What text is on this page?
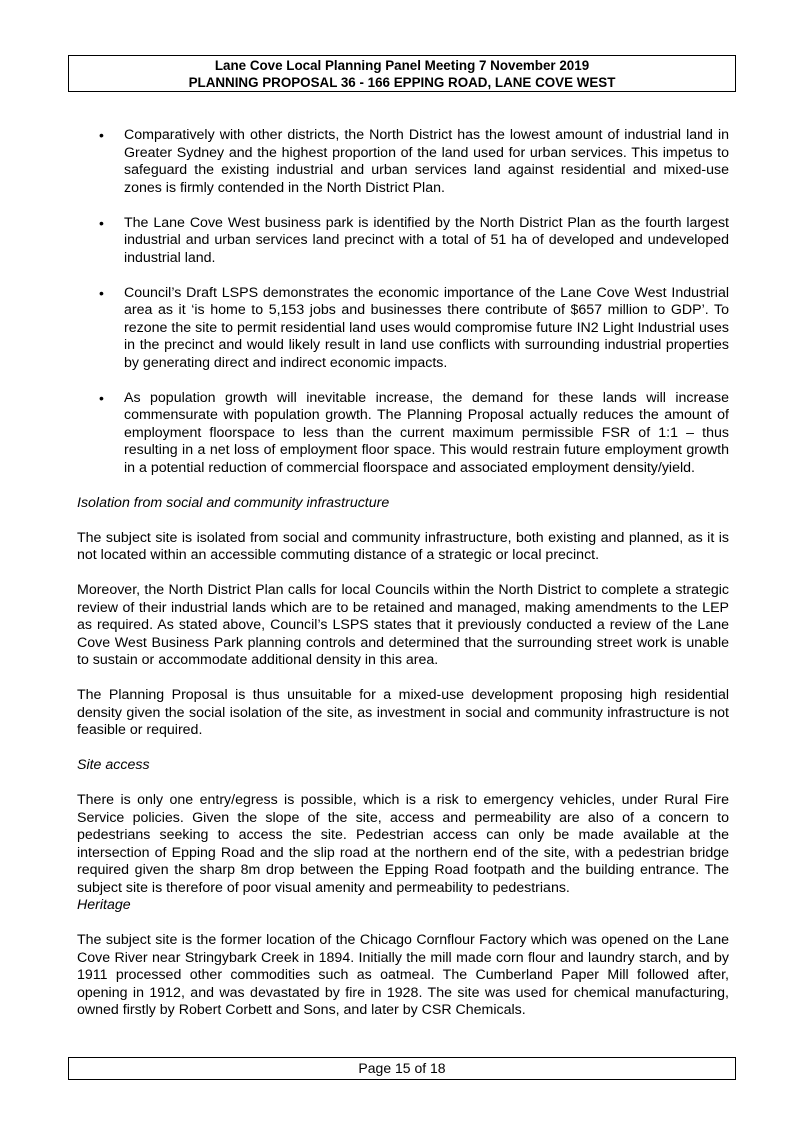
Lane Cove Local Planning Panel Meeting 7 November 2019
PLANNING PROPOSAL 36 - 166 EPPING ROAD, LANE COVE WEST
• Comparatively with other districts, the North District has the lowest amount of industrial land in Greater Sydney and the highest proportion of the land used for urban services. This impetus to safeguard the existing industrial and urban services land against residential and mixed-use zones is firmly contended in the North District Plan.
• The Lane Cove West business park is identified by the North District Plan as the fourth largest industrial and urban services land precinct with a total of 51 ha of developed and undeveloped industrial land.
• Council’s Draft LSPS demonstrates the economic importance of the Lane Cove West Industrial area as it ‘is home to 5,153 jobs and businesses there contribute of $657 million to GDP’. To rezone the site to permit residential land uses would compromise future IN2 Light Industrial uses in the precinct and would likely result in land use conflicts with surrounding industrial properties by generating direct and indirect economic impacts.
• As population growth will inevitable increase, the demand for these lands will increase commensurate with population growth. The Planning Proposal actually reduces the amount of employment floorspace to less than the current maximum permissible FSR of 1:1 – thus resulting in a net loss of employment floor space. This would restrain future employment growth in a potential reduction of commercial floorspace and associated employment density/yield.

Isolation from social and community infrastructure

The subject site is isolated from social and community infrastructure, both existing and planned, as it is not located within an accessible commuting distance of a strategic or local precinct.

Moreover, the North District Plan calls for local Councils within the North District to complete a strategic review of their industrial lands which are to be retained and managed, making amendments to the LEP as required. As stated above, Council’s LSPS states that it previously conducted a review of the Lane Cove West Business Park planning controls and determined that the surrounding street work is unable to sustain or accommodate additional density in this area.

The Planning Proposal is thus unsuitable for a mixed-use development proposing high residential density given the social isolation of the site, as investment in social and community infrastructure is not feasible or required.

Site access

There is only one entry/egress is possible, which is a risk to emergency vehicles, under Rural Fire Service policies. Given the slope of the site, access and permeability are also of a concern to pedestrians seeking to access the site. Pedestrian access can only be made available at the intersection of Epping Road and the slip road at the northern end of the site, with a pedestrian bridge required given the sharp 8m drop between the Epping Road footpath and the building entrance. The subject site is therefore of poor visual amenity and permeability to pedestrians.

Heritage

The subject site is the former location of the Chicago Cornflour Factory which was opened on the Lane Cove River near Stringybark Creek in 1894. Initially the mill made corn flour and laundry starch, and by 1911 processed other commodities such as oatmeal. The Cumberland Paper Mill followed after, opening in 1912, and was devastated by fire in 1928. The site was used for chemical manufacturing, owned firstly by Robert Corbett and Sons, and later by CSR Chemicals.

Page 15 of 18
